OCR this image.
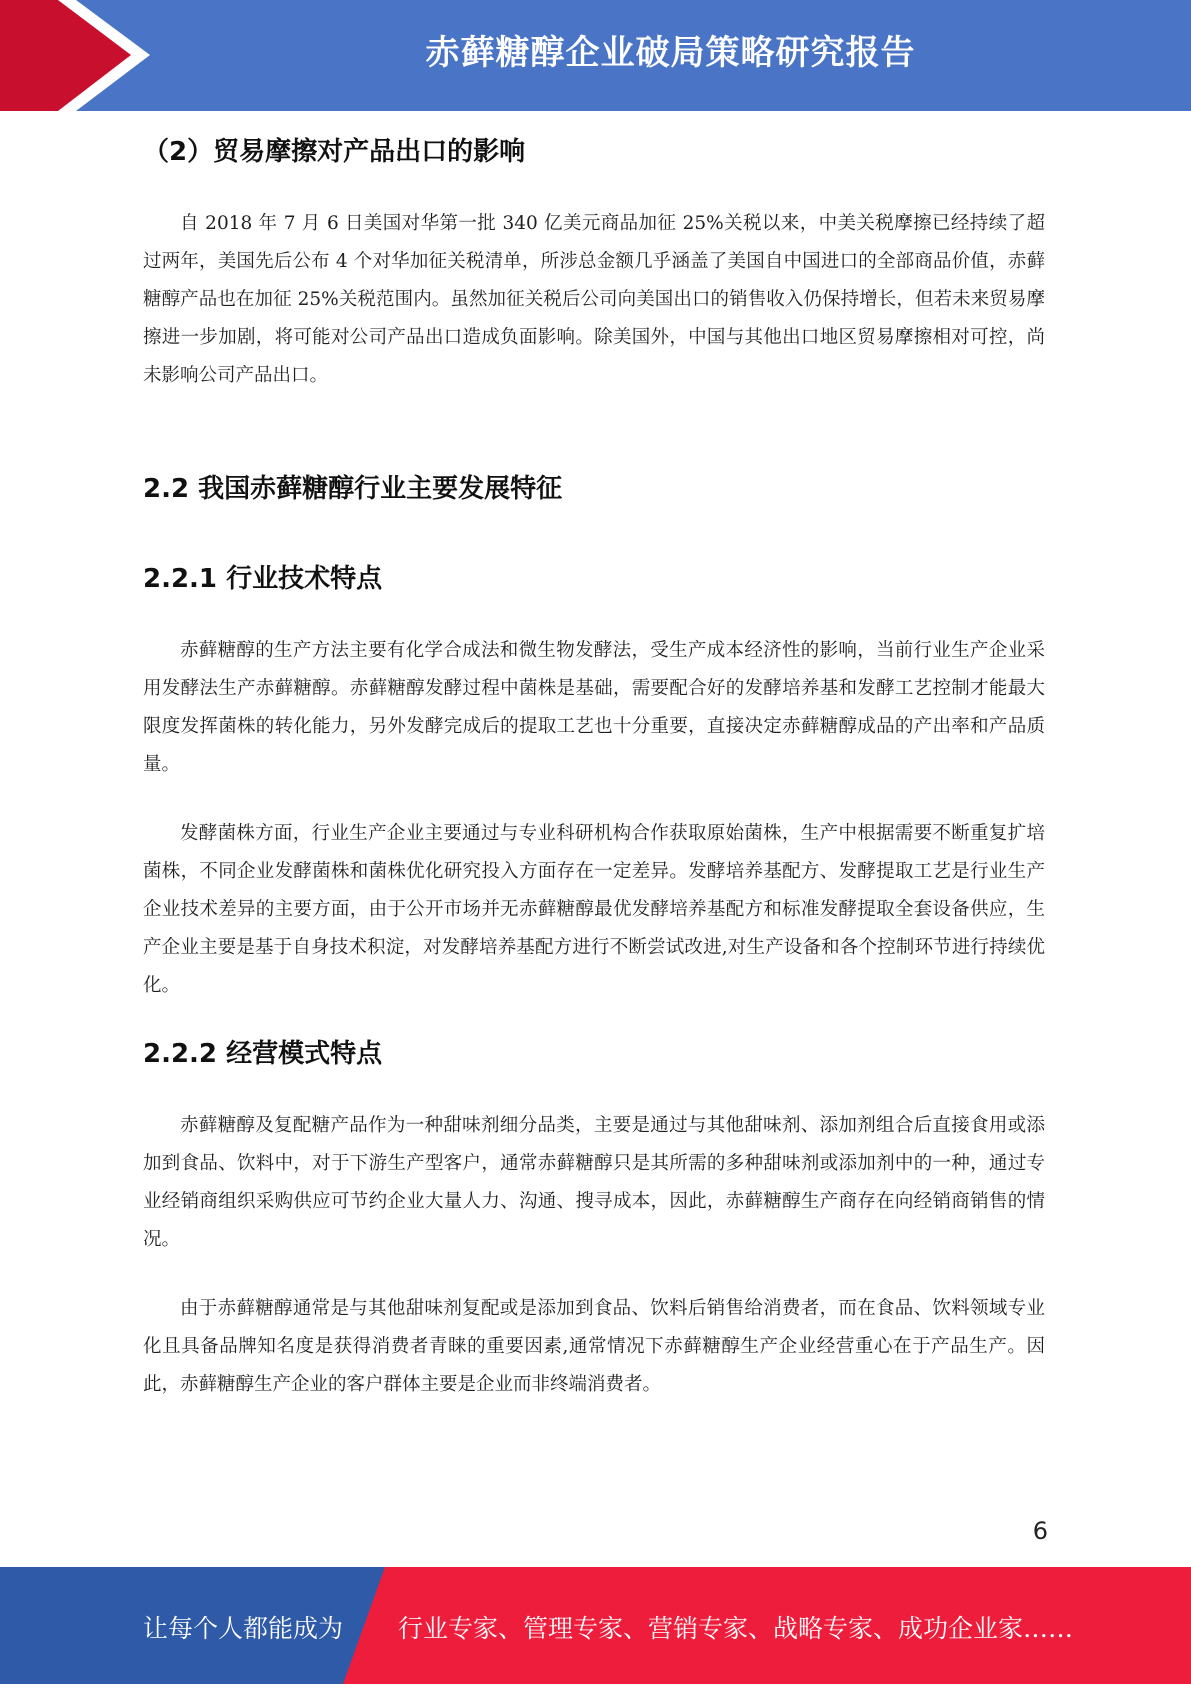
赤藓糖醇企业破局策略研究报告
（2）贸易摩擦对产品出口的影响

自 2018 年 7 月 6 日美国对华第一批 340 亿美元商品加征 25%关税以来，中美关税摩擦已经持续了超过两年，美国先后公布 4 个对华加征关税清单，所涉总金额几乎涵盖了美国自中国进口的全部商品价值，赤藓糖醇产品也在加征 25%关税范围内。虽然加征关税后公司向美国出口的销售收入仍保持增长，但若未来贸易摩擦进一步加剧，将可能对公司产品出口造成负面影响。除美国外，中国与其他出口地区贸易摩擦相对可控，尚未影响公司产品出口。

2.2 我国赤藓糖醇行业主要发展特征
2.2.1 行业技术特点

赤藓糖醇的生产方法主要有化学合成法和微生物发酵法，受生产成本经济性的影响，当前行业生产企业采用发酵法生产赤藓糖醇。赤藓糖醇发酵过程中菌株是基础，需要配合好的发酵培养基和发酵工艺控制才能最大限度发挥菌株的转化能力，另外发酵完成后的提取工艺也十分重要，直接决定赤藓糖醇成品的产出率和产品质量。

发酵菌株方面，行业生产企业主要通过与专业科研机构合作获取原始菌株，生产中根据需要不断重复扩培菌株，不同企业发酵菌株和菌株优化研究投入方面存在一定差异。发酵培养基配方、发酵提取工艺是行业生产企业技术差异的主要方面，由于公开市场并无赤藓糖醇最优发酵培养基配方和标准发酵提取全套设备供应，生产企业主要是基于自身技术积淀，对发酵培养基配方进行不断尝试改进,对生产设备和各个控制环节进行持续优化。

2.2.2 经营模式特点

赤藓糖醇及复配糖产品作为一种甜味剂细分品类，主要是通过与其他甜味剂、添加剂组合后直接食用或添加到食品、饮料中，对于下游生产型客户，通常赤藓糖醇只是其所需的多种甜味剂或添加剂中的一种，通过专业经销商组织采购供应可节约企业大量人力、沟通、搜寻成本，因此，赤藓糖醇生产商存在向经销商销售的情况。

由于赤藓糖醇通常是与其他甜味剂复配或是添加到食品、饮料后销售给消费者，而在食品、饮料领域专业化且具备品牌知名度是获得消费者青睐的重要因素,通常情况下赤藓糖醇生产企业经营重心在于产品生产。因此，赤藓糖醇生产企业的客户群体主要是企业而非终端消费者。

6
让每个人都能成为 行业专家、管理专家、营销专家、战略专家、成功企业家……
